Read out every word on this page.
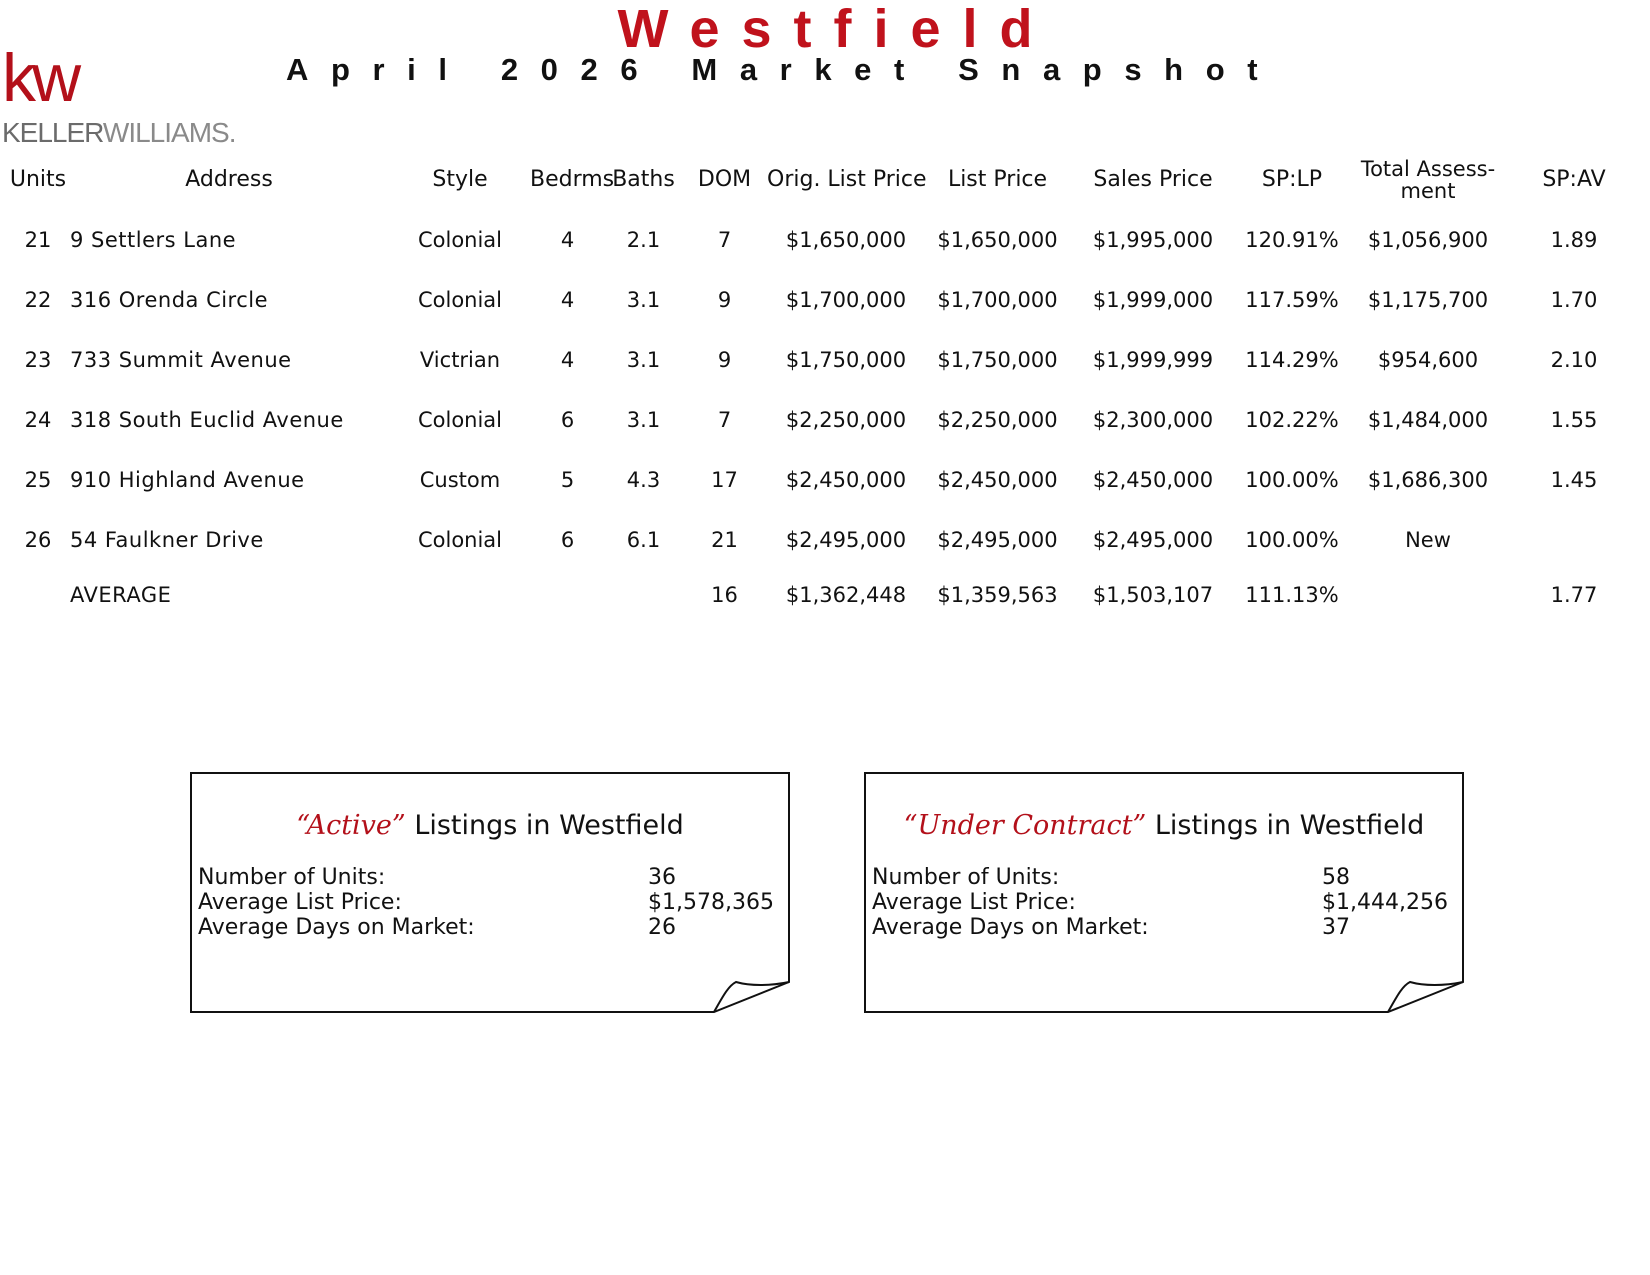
kw
KELLERWILLIAMS.
Westfield
April 2026 Market Snapshot
Units	Address	Style	Bedrms	Baths	DOM	Orig. List Price	List Price	Sales Price	SP:LP	Total Assess-ment	SP:AV
21	9 Settlers Lane	Colonial	4	2.1	7	$1,650,000	$1,650,000	$1,995,000	120.91%	$1,056,900	1.89
22	316 Orenda Circle	Colonial	4	3.1	9	$1,700,000	$1,700,000	$1,999,000	117.59%	$1,175,700	1.70
23	733 Summit Avenue	Victrian	4	3.1	9	$1,750,000	$1,750,000	$1,999,999	114.29%	$954,600	2.10
24	318 South Euclid Avenue	Colonial	6	3.1	7	$2,250,000	$2,250,000	$2,300,000	102.22%	$1,484,000	1.55
25	910 Highland Avenue	Custom	5	4.3	17	$2,450,000	$2,450,000	$2,450,000	100.00%	$1,686,300	1.45
26	54 Faulkner Drive	Colonial	6	6.1	21	$2,495,000	$2,495,000	$2,495,000	100.00%	New	
	AVERAGE				16	$1,362,448	$1,359,563	$1,503,107	111.13%		1.77
“Active” Listings in Westfield
Number of Units:	36
Average List Price:	$1,578,365
Average Days on Market:	26
“Under Contract” Listings in Westfield
Number of Units:	58
Average List Price:	$1,444,256
Average Days on Market:	37
